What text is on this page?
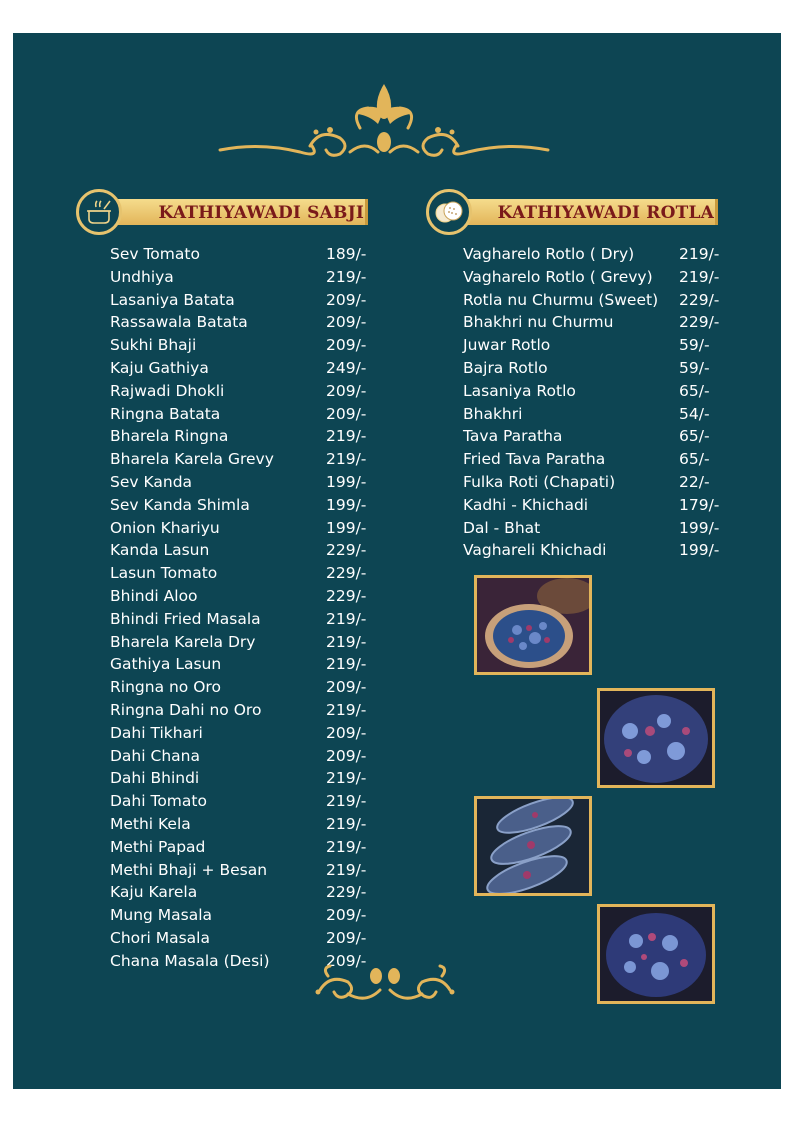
KATHIYAWADI SABJI	KATHIYAWADI ROTLA
Sev Tomato	189/-
Undhiya	219/-
Lasaniya Batata	209/-
Rassawala Batata	209/-
Sukhi Bhaji	209/-
Kaju Gathiya	249/-
Rajwadi Dhokli	209/-
Ringna Batata	209/-
Bharela Ringna	219/-
Bharela Karela Grevy	219/-
Sev Kanda	199/-
Sev Kanda Shimla	199/-
Onion Khariyu	199/-
Kanda Lasun	229/-
Lasun Tomato	229/-
Bhindi Aloo	229/-
Bhindi Fried Masala	219/-
Bharela Karela Dry	219/-
Gathiya Lasun	219/-
Ringna no Oro	209/-
Ringna Dahi no Oro	219/-
Dahi Tikhari	209/-
Dahi Chana	209/-
Dahi Bhindi	219/-
Dahi Tomato	219/-
Methi Kela	219/-
Methi Papad	219/-
Methi Bhaji + Besan	219/-
Kaju Karela	229/-
Mung Masala	209/-
Chori Masala	209/-
Chana Masala (Desi)	209/-
Vagharelo Rotlo ( Dry)	219/-
Vagharelo Rotlo ( Grevy) 219/-
Rotla nu Churmu (Sweet) 229/-
Bhakhri nu Churmu	229/-
Juwar Rotlo	59/-
Bajra Rotlo	59/-
Lasaniya Rotlo	65/-
Bhakhri	54/-
Tava Paratha	65/-
Fried Tava Paratha	65/-
Fulka Roti (Chapati)	22/-
Kadhi - Khichadi	179/-
Dal - Bhat	199/-
Vaghareli Khichadi	199/-
